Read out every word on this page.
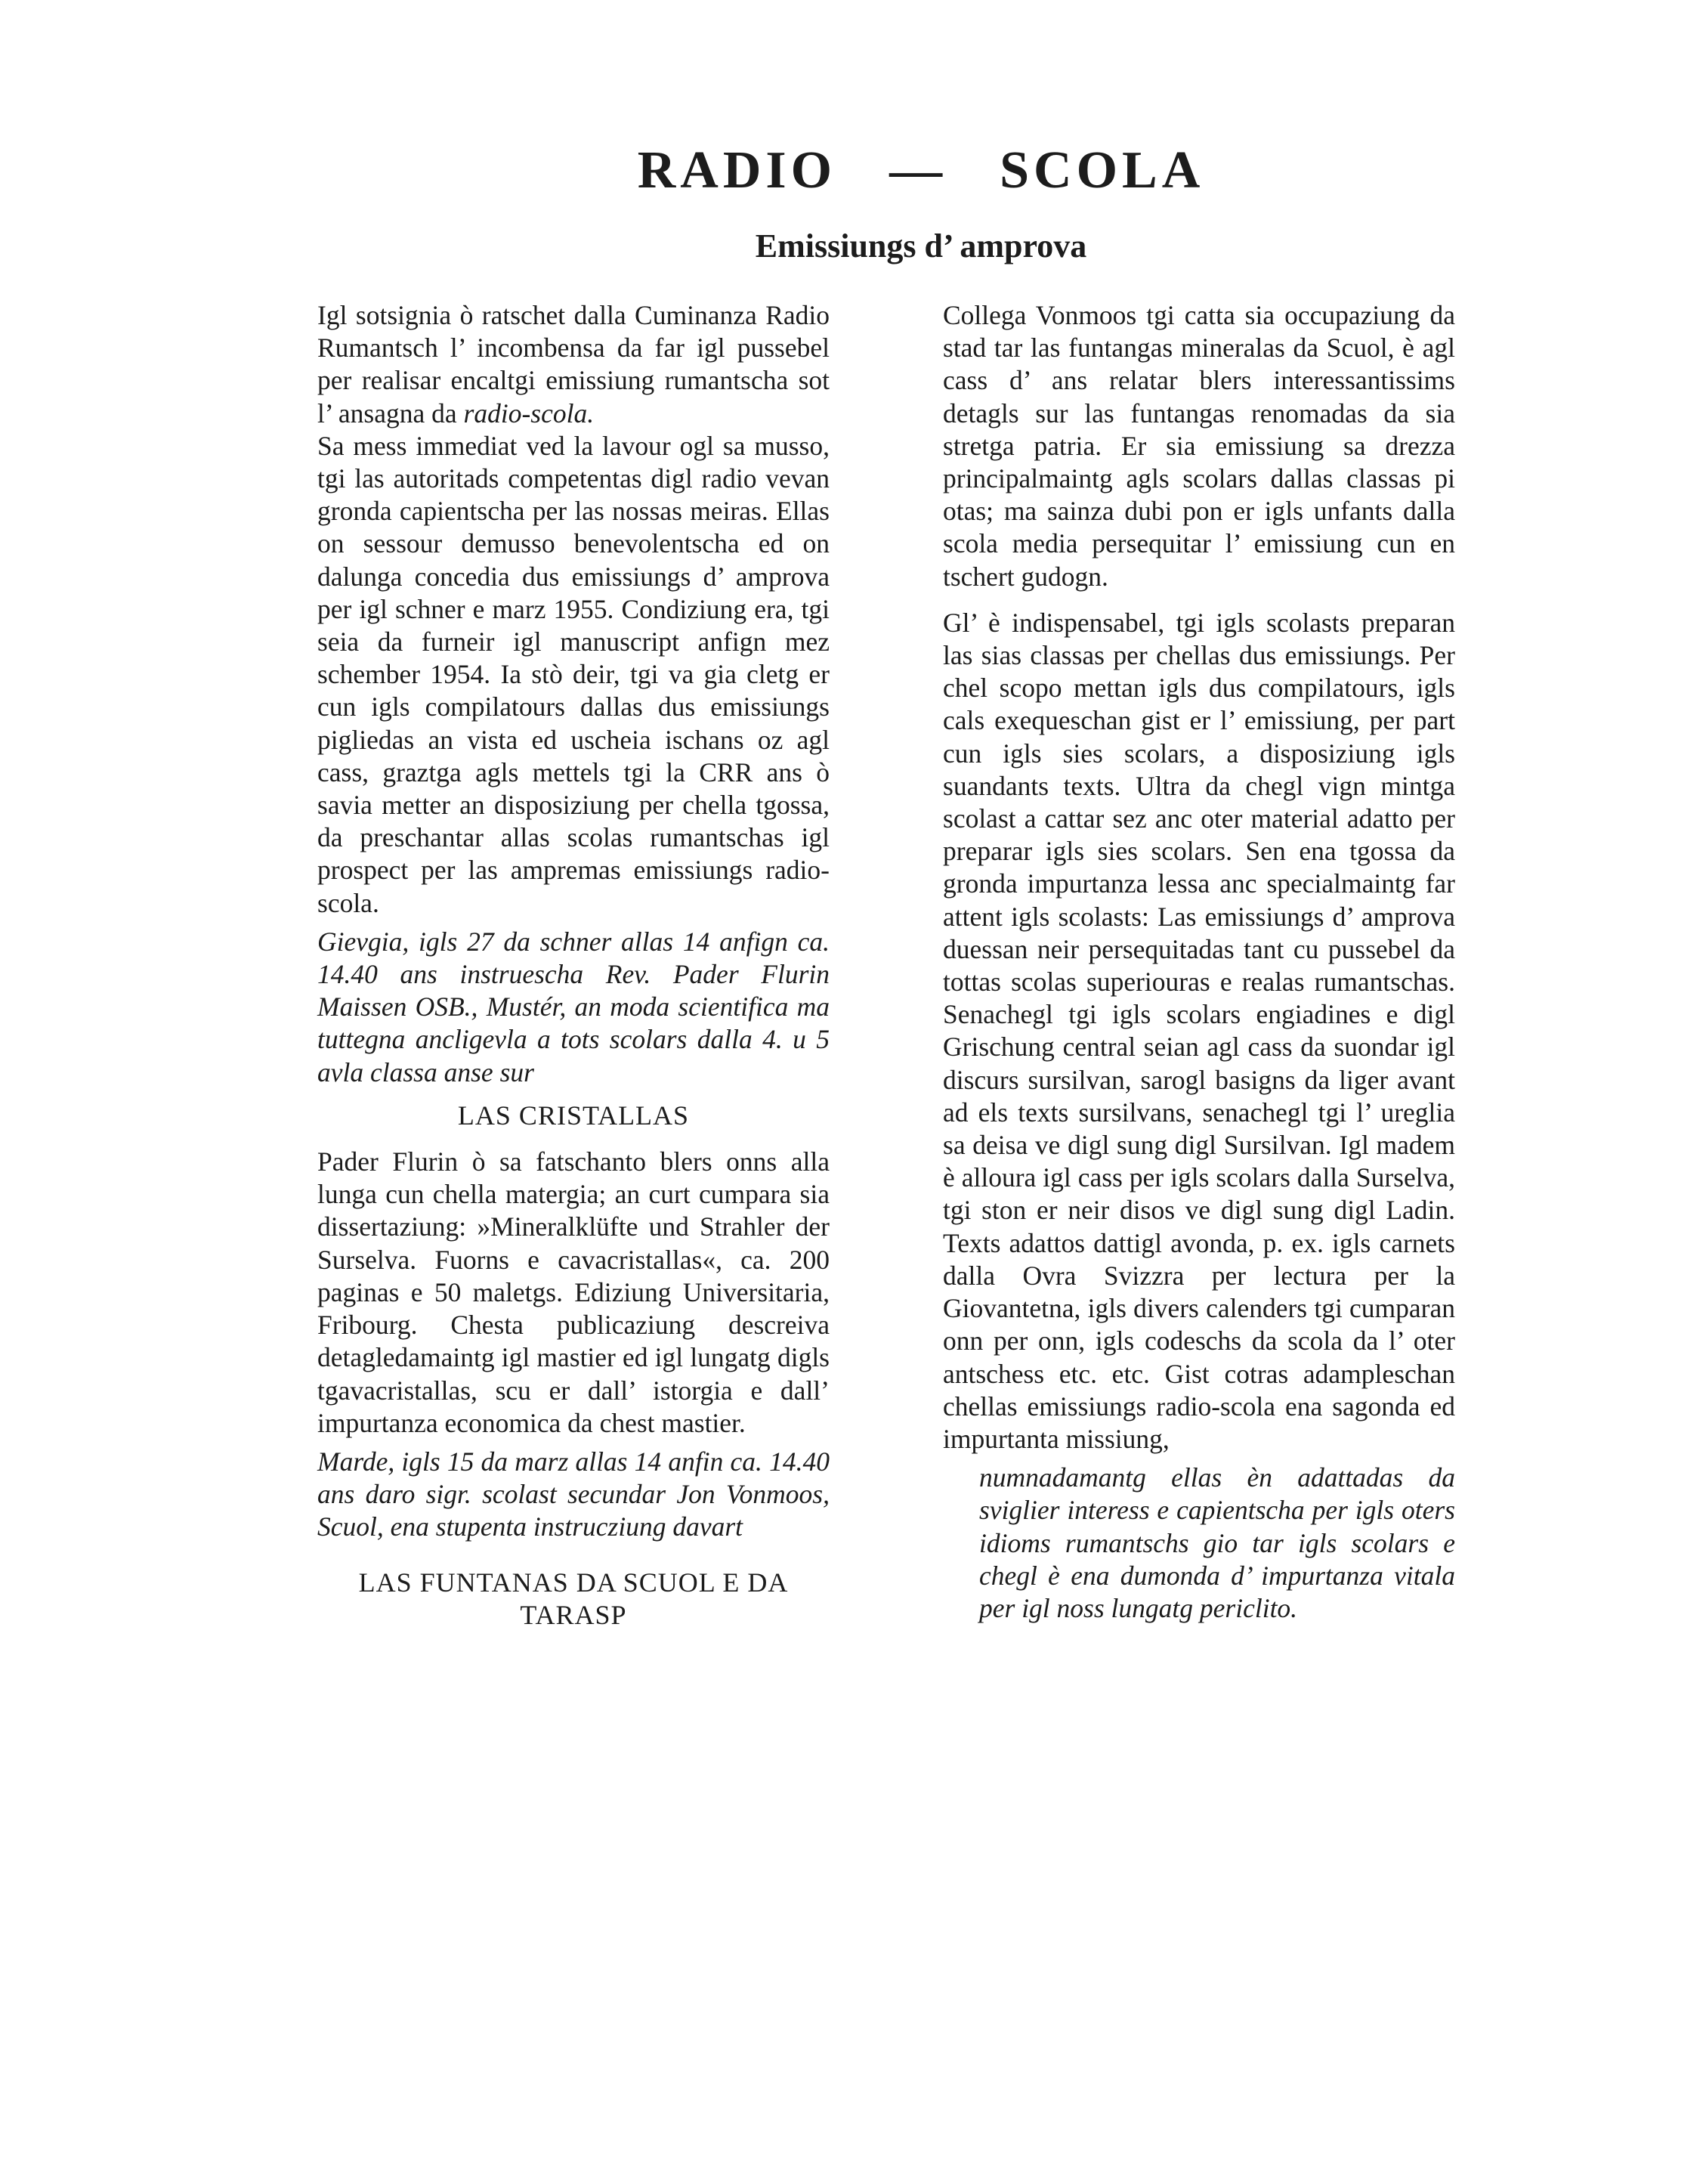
RADIO — SCOLA
Emissiungs d’ amprova

Igl sotsignia ò ratschet dalla Cuminanza Radio Rumantsch l’ incombensa da far igl pussebel per realisar encaltgi emissiung rumantscha sot l’ ansagna da radio-scola.

Sa mess immediat ved la lavour ogl sa musso, tgi las autoritads competentas digl radio vevan gronda capientscha per las nossas meiras. Ellas on sessour demusso benevolentscha ed on dalunga concedia dus emissiungs d’ amprova per igl schner e marz 1955. Condiziung era, tgi seia da furneir igl manuscript anfign mez schember 1954. Ia stò deir, tgi va gia cletg er cun igls compilatours dallas dus emissiungs pigliedas an vista ed uscheia ischans oz agl cass, graztga agls mettels tgi la CRR ans ò savia metter an disposiziung per chella tgossa, da preschantar allas scolas rumantschas igl prospect per las ampremas emissiungs radio-scola.

Gievgia, igls 27 da schner allas 14 anfign ca. 14.40 ans instruescha Rev. Pader Flurin Maissen OSB., Mustér, an moda scientifica ma tuttegna ancligevla a tots scolars dalla 4. u 5 avla classa anse sur

LAS CRISTALLAS

Pader Flurin ò sa fatschanto blers onns alla lunga cun chella matergia; an curt cumpara sia dissertaziung: »Mineralklüfte und Strahler der Surselva. Fuorns e cavacristallas«, ca. 200 paginas e 50 maletgs. Ediziung Universitaria, Fribourg. Chesta publicaziung descreiva detagledamaintg igl mastier ed igl lungatg digls tgavacristallas, scu er dall’ istorgia e dall’ impurtanza economica da chest mastier.

Marde, igls 15 da marz allas 14 anfin ca. 14.40 ans daro sigr. scolast secundar Jon Vonmoos, Scuol, ena stupenta instrucziung davart

LAS FUNTANAS DA SCUOL E DA TARASP

Collega Vonmoos tgi catta sia occupaziung da stad tar las funtangas mineralas da Scuol, è agl cass d’ ans relatar blers interessantissims detagls sur las funtangas renomadas da sia stretga patria. Er sia emissiung sa drezza principalmaintg agls scolars dallas classas pi otas; ma sainza dubi pon er igls unfants dalla scola media persequitar l’ emissiung cun en tschert gudogn.

Gl’ è indispensabel, tgi igls scolasts preparan las sias classas per chellas dus emissiungs. Per chel scopo mettan igls dus compilatours, igls cals exequeschan gist er l’ emissiung, per part cun igls sies scolars, a disposiziung igls suandants texts. Ultra da chegl vign mintga scolast a cattar sez anc oter material adatto per preparar igls sies scolars. Sen ena tgossa da gronda impurtanza lessa anc specialmaintg far attent igls scolasts: Las emissiungs d’ amprova duessan neir persequitadas tant cu pussebel da tottas scolas superiouras e realas rumantschas. Senachegl tgi igls scolars engiadines e digl Grischung central seian agl cass da suondar igl discurs sursilvan, sarogl basigns da liger avant ad els texts sursilvans, senachegl tgi l’ ureglia sa deisa ve digl sung digl Sursilvan. Igl madem è alloura igl cass per igls scolars dalla Surselva, tgi ston er neir disos ve digl sung digl Ladin. Texts adattos dattigl avonda, p. ex. igls carnets dalla Ovra Svizzra per lectura per la Giovantetna, igls divers calenders tgi cumparan onn per onn, igls codeschs da scola da l’ oter antschess etc. etc. Gist cotras adampleschan chellas emissiungs radio-scola ena sagonda ed impurtanta missiung,

numnadamantg ellas èn adattadas da sviglier interess e capientscha per igls oters idioms rumantschs gio tar igls scolars e chegl è ena dumonda d’ impurtanza vitala per igl noss lungatg periclito.
